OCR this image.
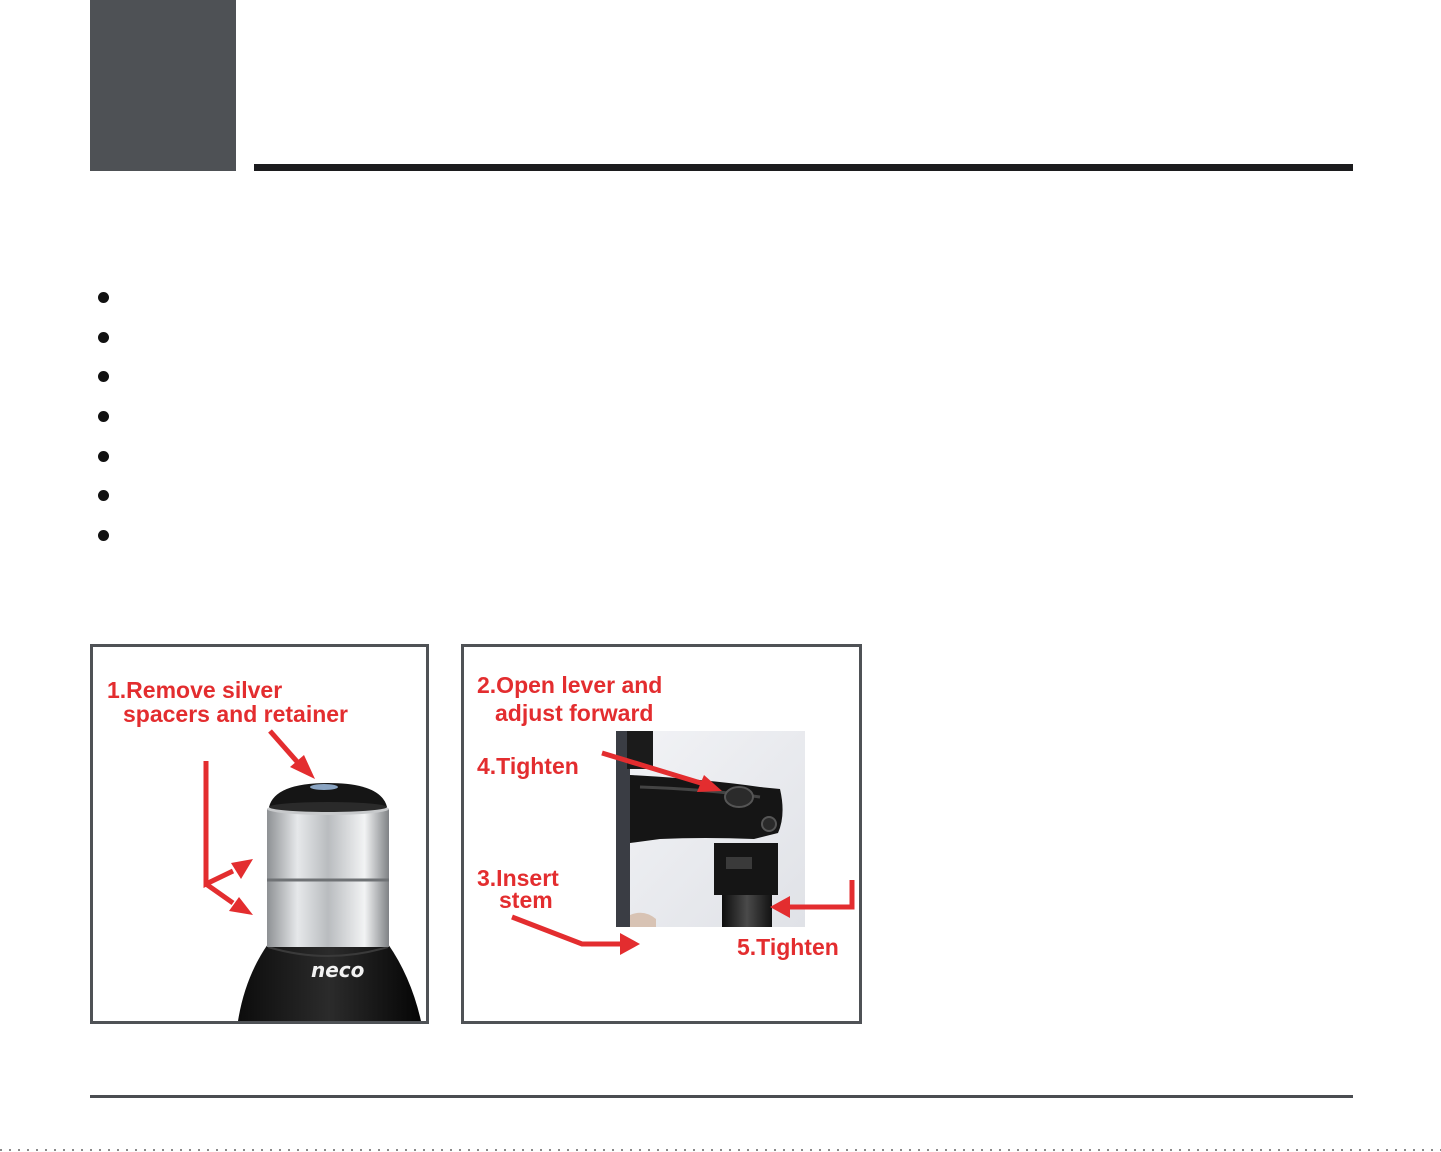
neco
1.Remove silver
spacers and retainer
2.Open lever and
adjust forward
4.Tighten
3.Insert
stem
5.Tighten
